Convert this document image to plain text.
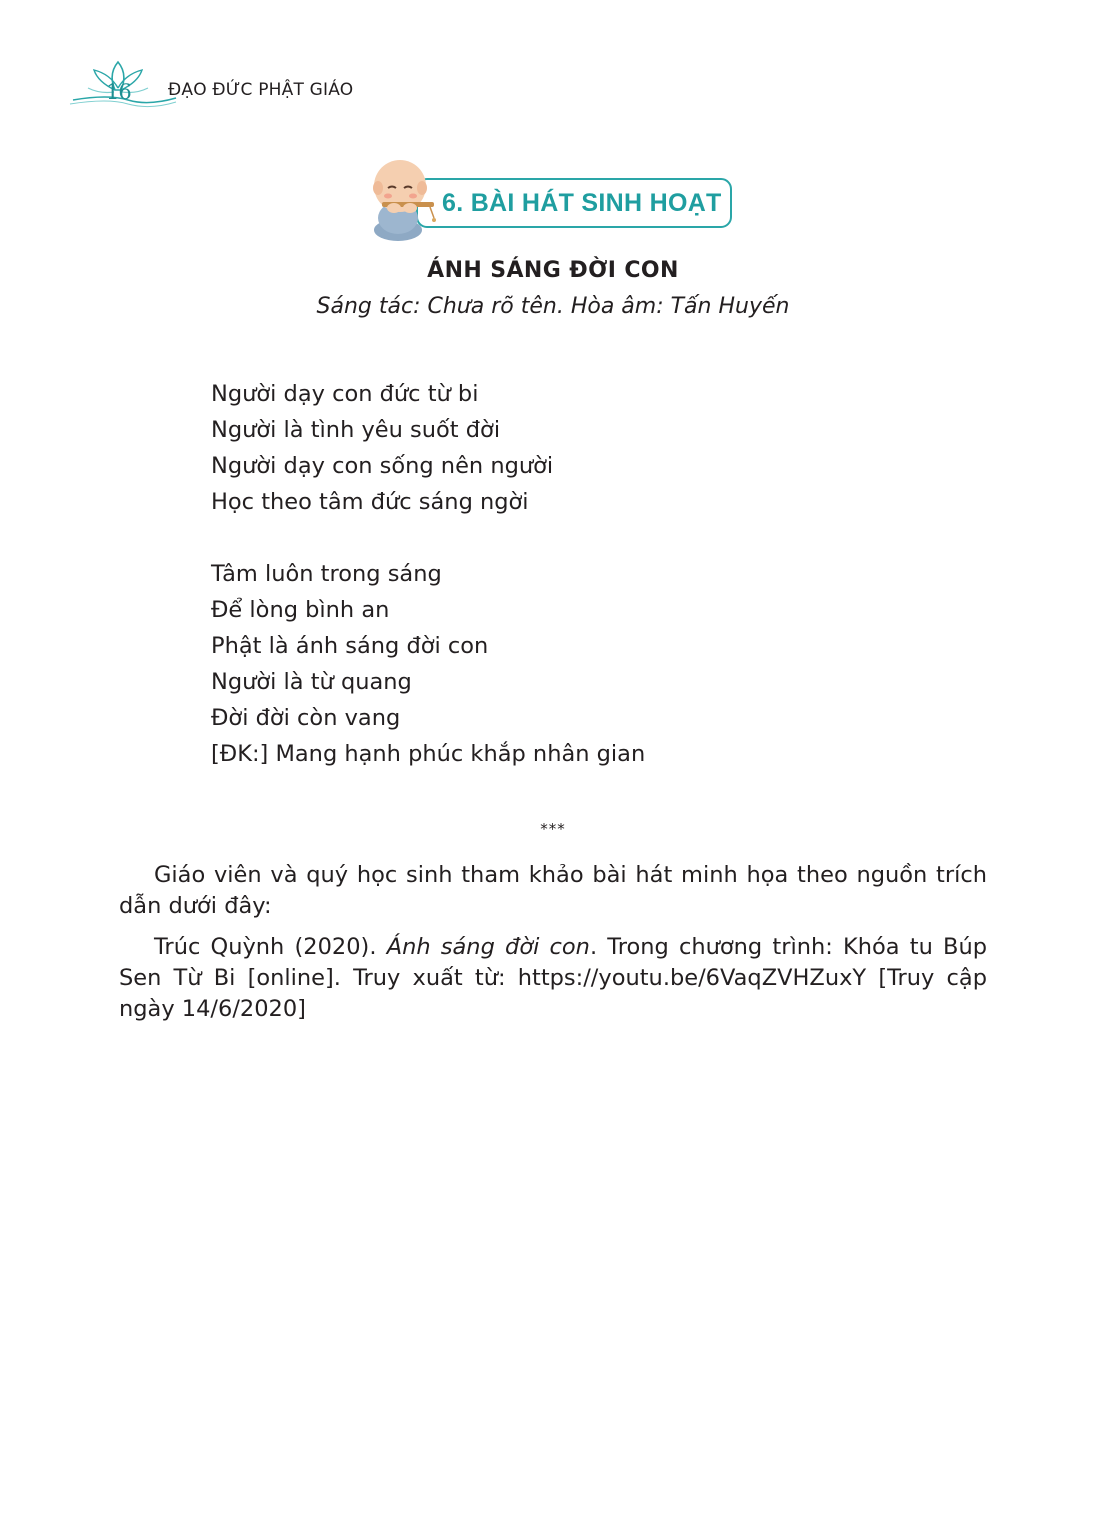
16 ĐẠO ĐỨC PHẬT GIÁO
6. BÀI HÁT SINH HOẠT
ÁNH SÁNG ĐỜI CON
Sáng tác: Chưa rõ tên. Hòa âm: Tấn Huyến
Người dạy con đức từ bi
Người là tình yêu suốt đời
Người dạy con sống nên người
Học theo tâm đức sáng ngời
Tâm luôn trong sáng
Để lòng bình an
Phật là ánh sáng đời con
Người là từ quang
Đời đời còn vang
[ĐK:] Mang hạnh phúc khắp nhân gian
***

Giáo viên và quý học sinh tham khảo bài hát minh họa theo nguồn trích dẫn dưới đây:

Trúc Quỳnh (2020). Ánh sáng đời con. Trong chương trình: Khóa tu Búp Sen Từ Bi [online]. Truy xuất từ: https://youtu.be/6VaqZVHZuxY [Truy cập ngày 14/6/2020]
